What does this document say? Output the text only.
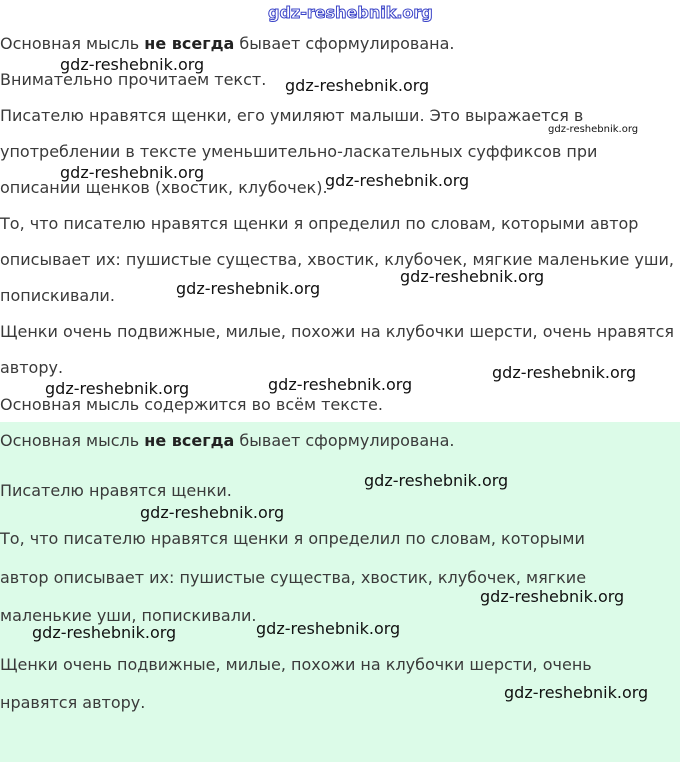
Основная мысль не всегда бывает сформулирована.

Внимательно прочитаем текст.

Писателю нравятся щенки, его умиляют малыши. Это выражается в

употреблении в тексте уменьшительно-ласкательных суффиксов при

описании щенков (хвостик, клубочек).

То, что писателю нравятся щенки я определил по словам, которыми автор

описывает их: пушистые существа, хвостик, клубочек, мягкие маленькие уши,

попискивали.

Щенки очень подвижные, милые, похожи на клубочки шерсти, очень нравятся

автору.

Основная мысль содержится во всём тексте.

Основная мысль не всегда бывает сформулирована.

Писателю нравятся щенки.

То, что писателю нравятся щенки я определил по словам, которыми

автор описывает их: пушистые существа, хвостик, клубочек, мягкие

маленькие уши, попискивали.

Щенки очень подвижные, милые, похожи на клубочки шерсти, очень

нравятся автору.

gdz-reshebnik.org
gdz-reshebnik.org
gdz-reshebnik.org
gdz-reshebnik.org
gdz-reshebnik.org	gdz-reshebnik.org
gdz-reshebnik.org
gdz-reshebnik.org
gdz-reshebnik.org
gdz-reshebnik.org
gdz-reshebnik.org
gdz-reshebnik.org
gdz-reshebnik.org
gdz-reshebnik.org
gdz-reshebnik.org
gdz-reshebnik.org
gdz-reshebnik.org
